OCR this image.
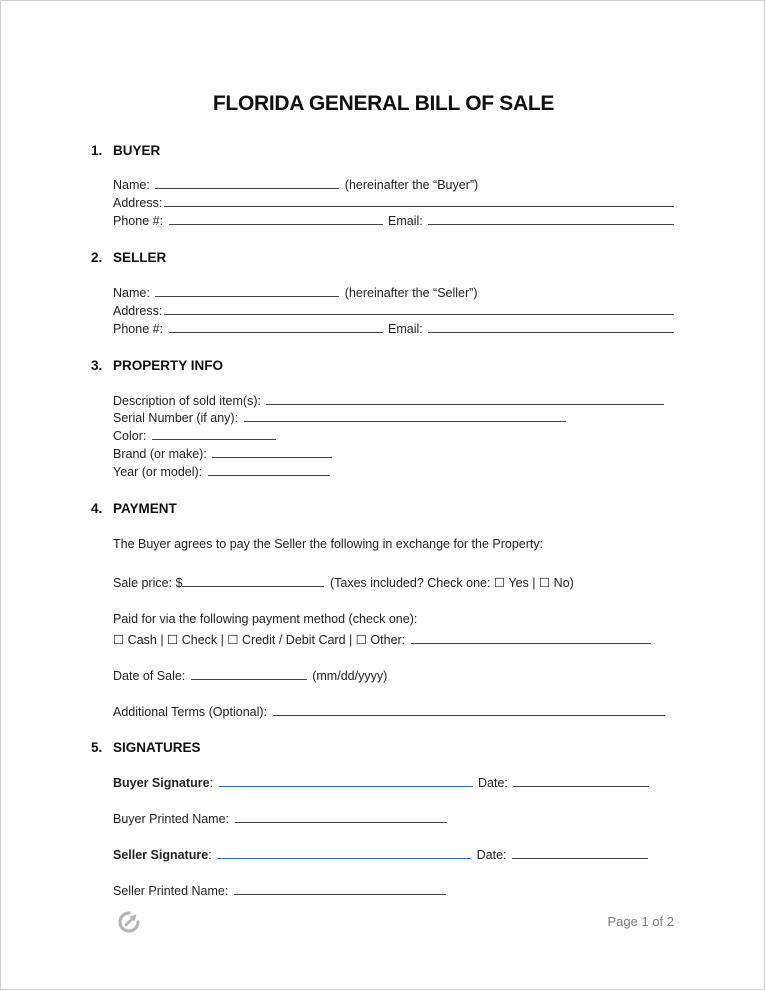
FLORIDA GENERAL BILL OF SALE
1. BUYER
Name:	(hereinafter the “Buyer”)
Address:
Phone #:	Email:
2. SELLER
Name:	(hereinafter the “Seller”)
Address:
Phone #:	Email:
3. PROPERTY INFO
Description of sold item(s):
Serial Number (if any):
Color:
Brand (or make):
Year (or model):
4. PAYMENT
The Buyer agrees to pay the Seller the following in exchange for the Property:
Sale price: $	(Taxes included? Check one: ☐ Yes | ☐ No)
Paid for via the following payment method (check one):
☐ Cash | ☐ Check | ☐ Credit / Debit Card | ☐ Other:
Date of Sale:	(mm/dd/yyyy)
Additional Terms (Optional):
5. SIGNATURES
Buyer Signature:	Date:
Buyer Printed Name:
Seller Signature:	Date:
Seller Printed Name:
Page 1 of 2
